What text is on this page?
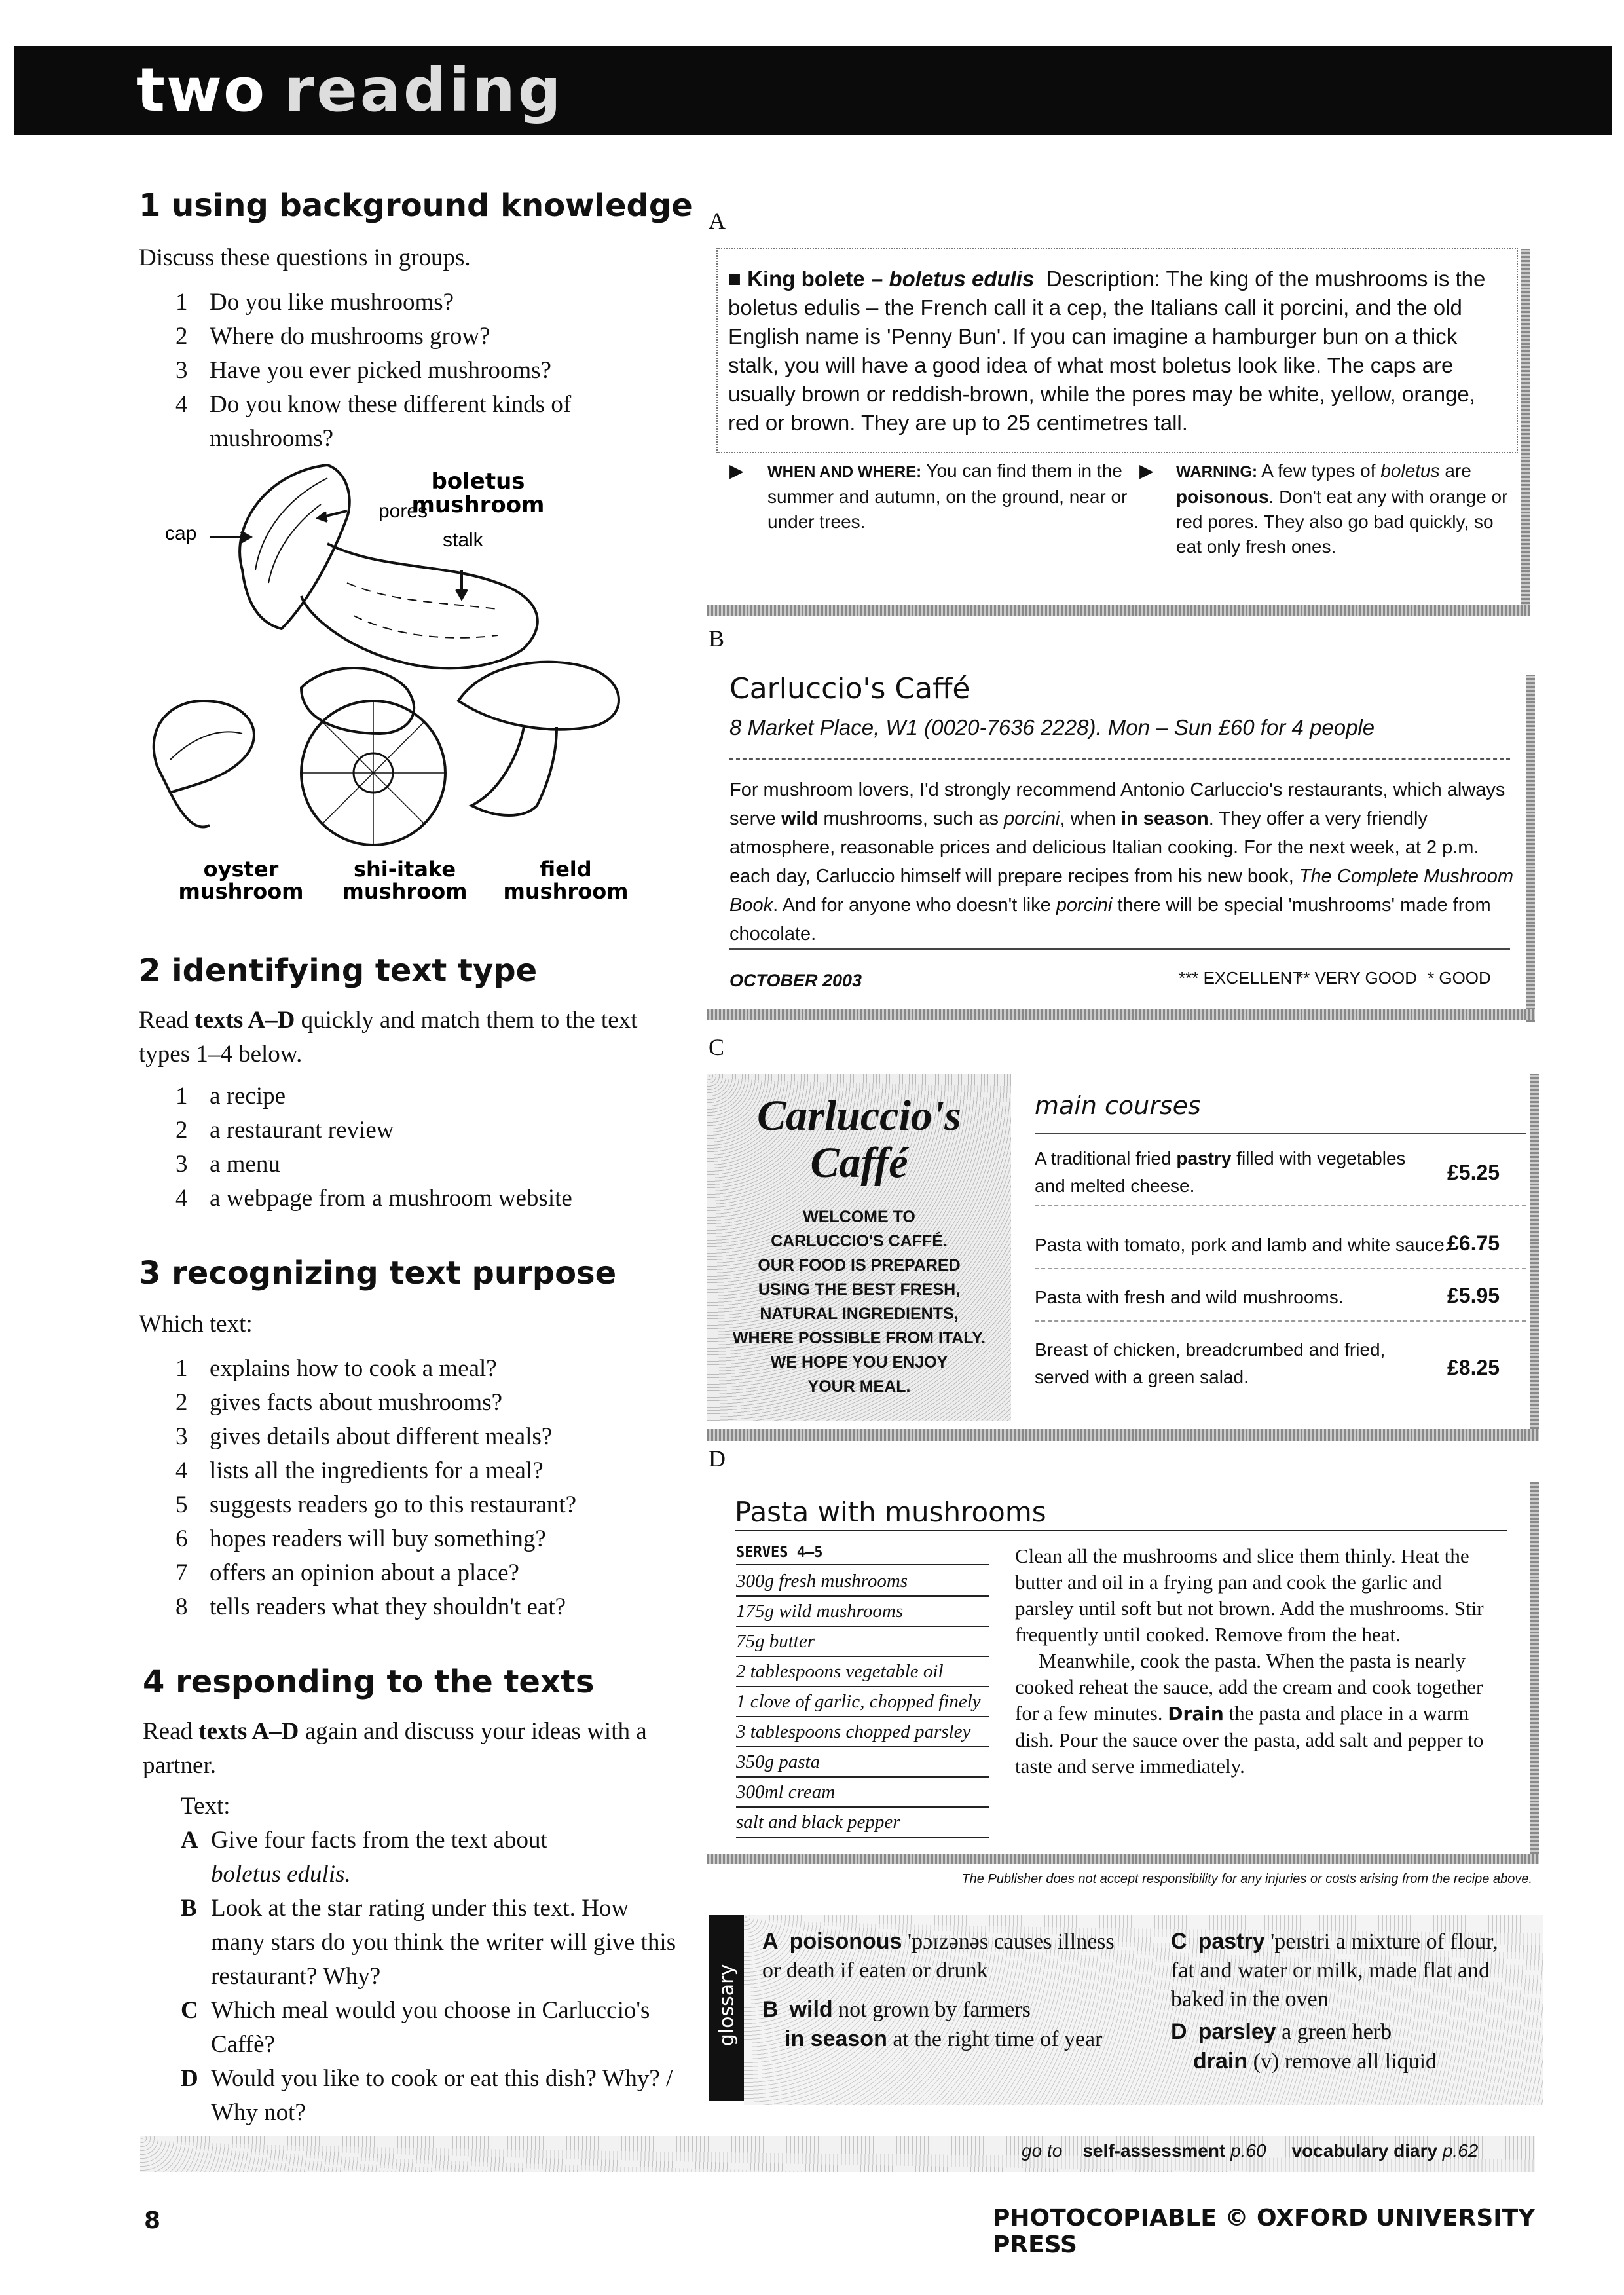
two reading
1 using background knowledge
Discuss these questions in groups.
1 Do you like mushrooms?
2 Where do mushrooms grow?
3 Have you ever picked mushrooms?
4 Do you know these different kinds of mushrooms?
boletus mushroom
pores
cap	stalk
oyster mushroom
shi-itake mushroom
field mushroom
2 identifying text type
Read texts A–D quickly and match them to the text types 1–4 below.
1 a recipe
2 a restaurant review
3 a menu
4 a webpage from a mushroom website
3 recognizing text purpose
Which text:
1 explains how to cook a meal?
2 gives facts about mushrooms?
3 gives details about different meals?
4 lists all the ingredients for a meal?
5 suggests readers go to this restaurant?
6 hopes readers will buy something?
7 offers an opinion about a place?
8 tells readers what they shouldn't eat?
4 responding to the texts
Read texts A–D again and discuss your ideas with a partner.
Text:
A Give four facts from the text about
boletus edulis.
B Look at the star rating under this text. How many stars do you think the writer will give this restaurant? Why?
C Which meal would you choose in Carluccio's Caffè?
D Would you like to cook or eat this dish? Why? / Why not?
A
■ King bolete – boletus edulis Description: The king of the mushrooms is the boletus edulis – the French call it a cep, the Italians call it porcini, and the old English name is 'Penny Bun'. If you can imagine a hamburger bun on a thick stalk, you will have a good idea of what most boletus look like. The caps are usually brown or reddish-brown, while the pores may be white, yellow, orange, red or brown. They are up to 25 centimetres tall.
▶ WHEN AND WHERE: You can find them in the summer and autumn, on the ground, near or under trees.
▶ WARNING: A few types of boletus are poisonous. Don't eat any with orange or red pores. They also go bad quickly, so eat only fresh ones.
B
Carluccio's Caffé
8 Market Place, W1 (0020-7636 2228). Mon – Sun £60 for 4 people
For mushroom lovers, I'd strongly recommend Antonio Carluccio's restaurants, which always serve wild mushrooms, such as porcini, when in season. They offer a very friendly atmosphere, reasonable prices and delicious Italian cooking. For the next week, at 2 p.m. each day, Carluccio himself will prepare recipes from his new book, The Complete Mushroom Book. And for anyone who doesn't like porcini there will be special 'mushrooms' made from chocolate.
OCTOBER 2003	*** EXCELLENT
** VERY GOOD * GOOD
C
Carluccio's
Caffé
WELCOME TO
CARLUCCIO'S CAFFÉ.
OUR FOOD IS PREPARED
USING THE BEST FRESH,
NATURAL INGREDIENTS,
WHERE POSSIBLE FROM ITALY.
WE HOPE YOU ENJOY
YOUR MEAL.
main courses
A traditional fried pastry filled with vegetables and melted cheese.
£5.25
Pasta with tomato, pork and lamb and white sauce.
£6.75
Pasta with fresh and wild mushrooms.	£5.95
Breast of chicken, breadcrumbed and fried, served with a green salad.	£8.25
D
Pasta with mushrooms
SERVES 4–5
300g fresh mushrooms
175g wild mushrooms
75g butter
2 tablespoons vegetable oil
1 clove of garlic, chopped finely
3 tablespoons chopped parsley
350g pasta
300ml cream
salt and black pepper
Clean all the mushrooms and slice them thinly. Heat the butter and oil in a frying pan and cook the garlic and parsley until soft but not brown. Add the mushrooms. Stir frequently until cooked. Remove from the heat.
Meanwhile, cook the pasta. When the pasta is nearly cooked reheat the sauce, add the cream and cook together for a few minutes. Drain the pasta and place in a warm dish. Pour the sauce over the pasta, add salt and pepper to taste and serve immediately.
The Publisher does not accept responsibility for any injuries or costs arising from the recipe above.
glossary
A poisonous 'pɔɪzənəs causes illness or death if eaten or drunk
B wild not grown by farmers
in season at the right time of year
C pastry 'peɪstri a mixture of flour, fat and water or milk, made flat and baked in the oven
D parsley a green herb
drain (v) remove all liquid
go to self-assessment p.60 vocabulary diary p.62
8	PHOTOCOPIABLE © OXFORD UNIVERSITY PRESS
